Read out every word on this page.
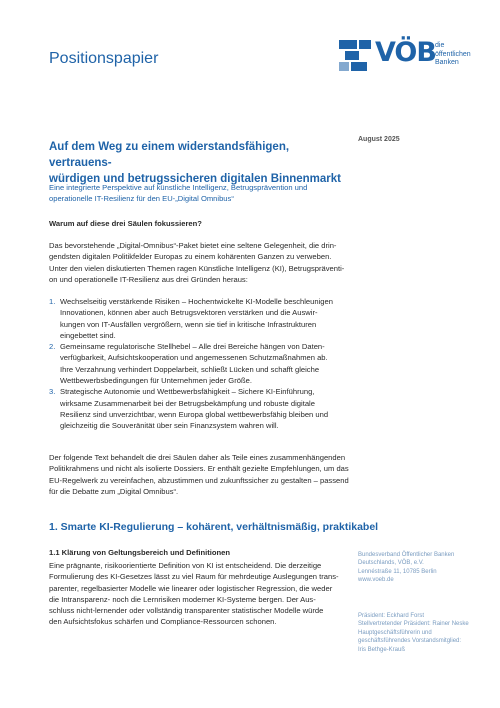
Positionspapier	VÖB die
öffentlichen
Banken
August 2025
Auf dem Weg zu einem widerstandsfähigen, vertrauens-
würdigen und betrugssicheren digitalen Binnenmarkt
Eine integrierte Perspektive auf künstliche Intelligenz, Betrugsprävention und
operationelle IT-Resilienz für den EU-„Digital Omnibus“
Warum auf diese drei Säulen fokussieren?
Das bevorstehende „Digital-Omnibus“-Paket bietet eine seltene Gelegenheit, die drin-
gendsten digitalen Politikfelder Europas zu einem kohärenten Ganzen zu verweben.
Unter den vielen diskutierten Themen ragen Künstliche Intelligenz (KI), Betrugspräventi-
on und operationelle IT-Resilienz aus drei Gründen heraus:
1. Wechselseitig verstärkende Risiken – Hochentwickelte KI-Modelle beschleunigen
Innovationen, können aber auch Betrugsvektoren verstärken und die Auswir-
kungen von IT-Ausfällen vergrößern, wenn sie tief in kritische Infrastrukturen
eingebettet sind.
2. Gemeinsame regulatorische Stellhebel – Alle drei Bereiche hängen von Daten-
verfügbarkeit, Aufsichtskooperation und angemessenen Schutzmaßnahmen ab.
Ihre Verzahnung verhindert Doppelarbeit, schließt Lücken und schafft gleiche
Wettbewerbsbedingungen für Unternehmen jeder Größe.
3. Strategische Autonomie und Wettbewerbsfähigkeit – Sichere KI-Einführung,
wirksame Zusammenarbeit bei der Betrugsbekämpfung und robuste digitale
Resilienz sind unverzichtbar, wenn Europa global wettbewerbsfähig bleiben und
gleichzeitig die Souveränität über sein Finanzsystem wahren will.
Der folgende Text behandelt die drei Säulen daher als Teile eines zusammenhängenden
Politikrahmens und nicht als isolierte Dossiers. Er enthält gezielte Empfehlungen, um das
EU-Regelwerk zu vereinfachen, abzustimmen und zukunftssicher zu gestalten – passend
für die Debatte zum „Digital Omnibus“.
1. Smarte KI-Regulierung – kohärent, verhältnismäßig, praktikabel
1.1 Klärung von Geltungsbereich und Definitionen
Eine prägnante, risikoorientierte Definition von KI ist entscheidend. Die derzeitige
Formulierung des KI-Gesetzes lässt zu viel Raum für mehrdeutige Auslegungen trans-
parenter, regelbasierter Modelle wie linearer oder logistischer Regression, die weder
die Intransparenz- noch die Lernrisiken moderner KI-Systeme bergen. Der Aus-
schluss nicht-lernender oder vollständig transparenter statistischer Modelle würde
den Aufsichtsfokus schärfen und Compliance-Ressourcen schonen.
Bundesverband Öffentlicher Banken
Deutschlands, VÖB, e.V.
Lennéstraße 11, 10785 Berlin
www.voeb.de
Präsident: Eckhard Forst
Stellvertretender Präsident: Rainer Neske
Hauptgeschäftsführerin und
geschäftsführendes Vorstandsmitglied:
Iris Bethge-Krauß
